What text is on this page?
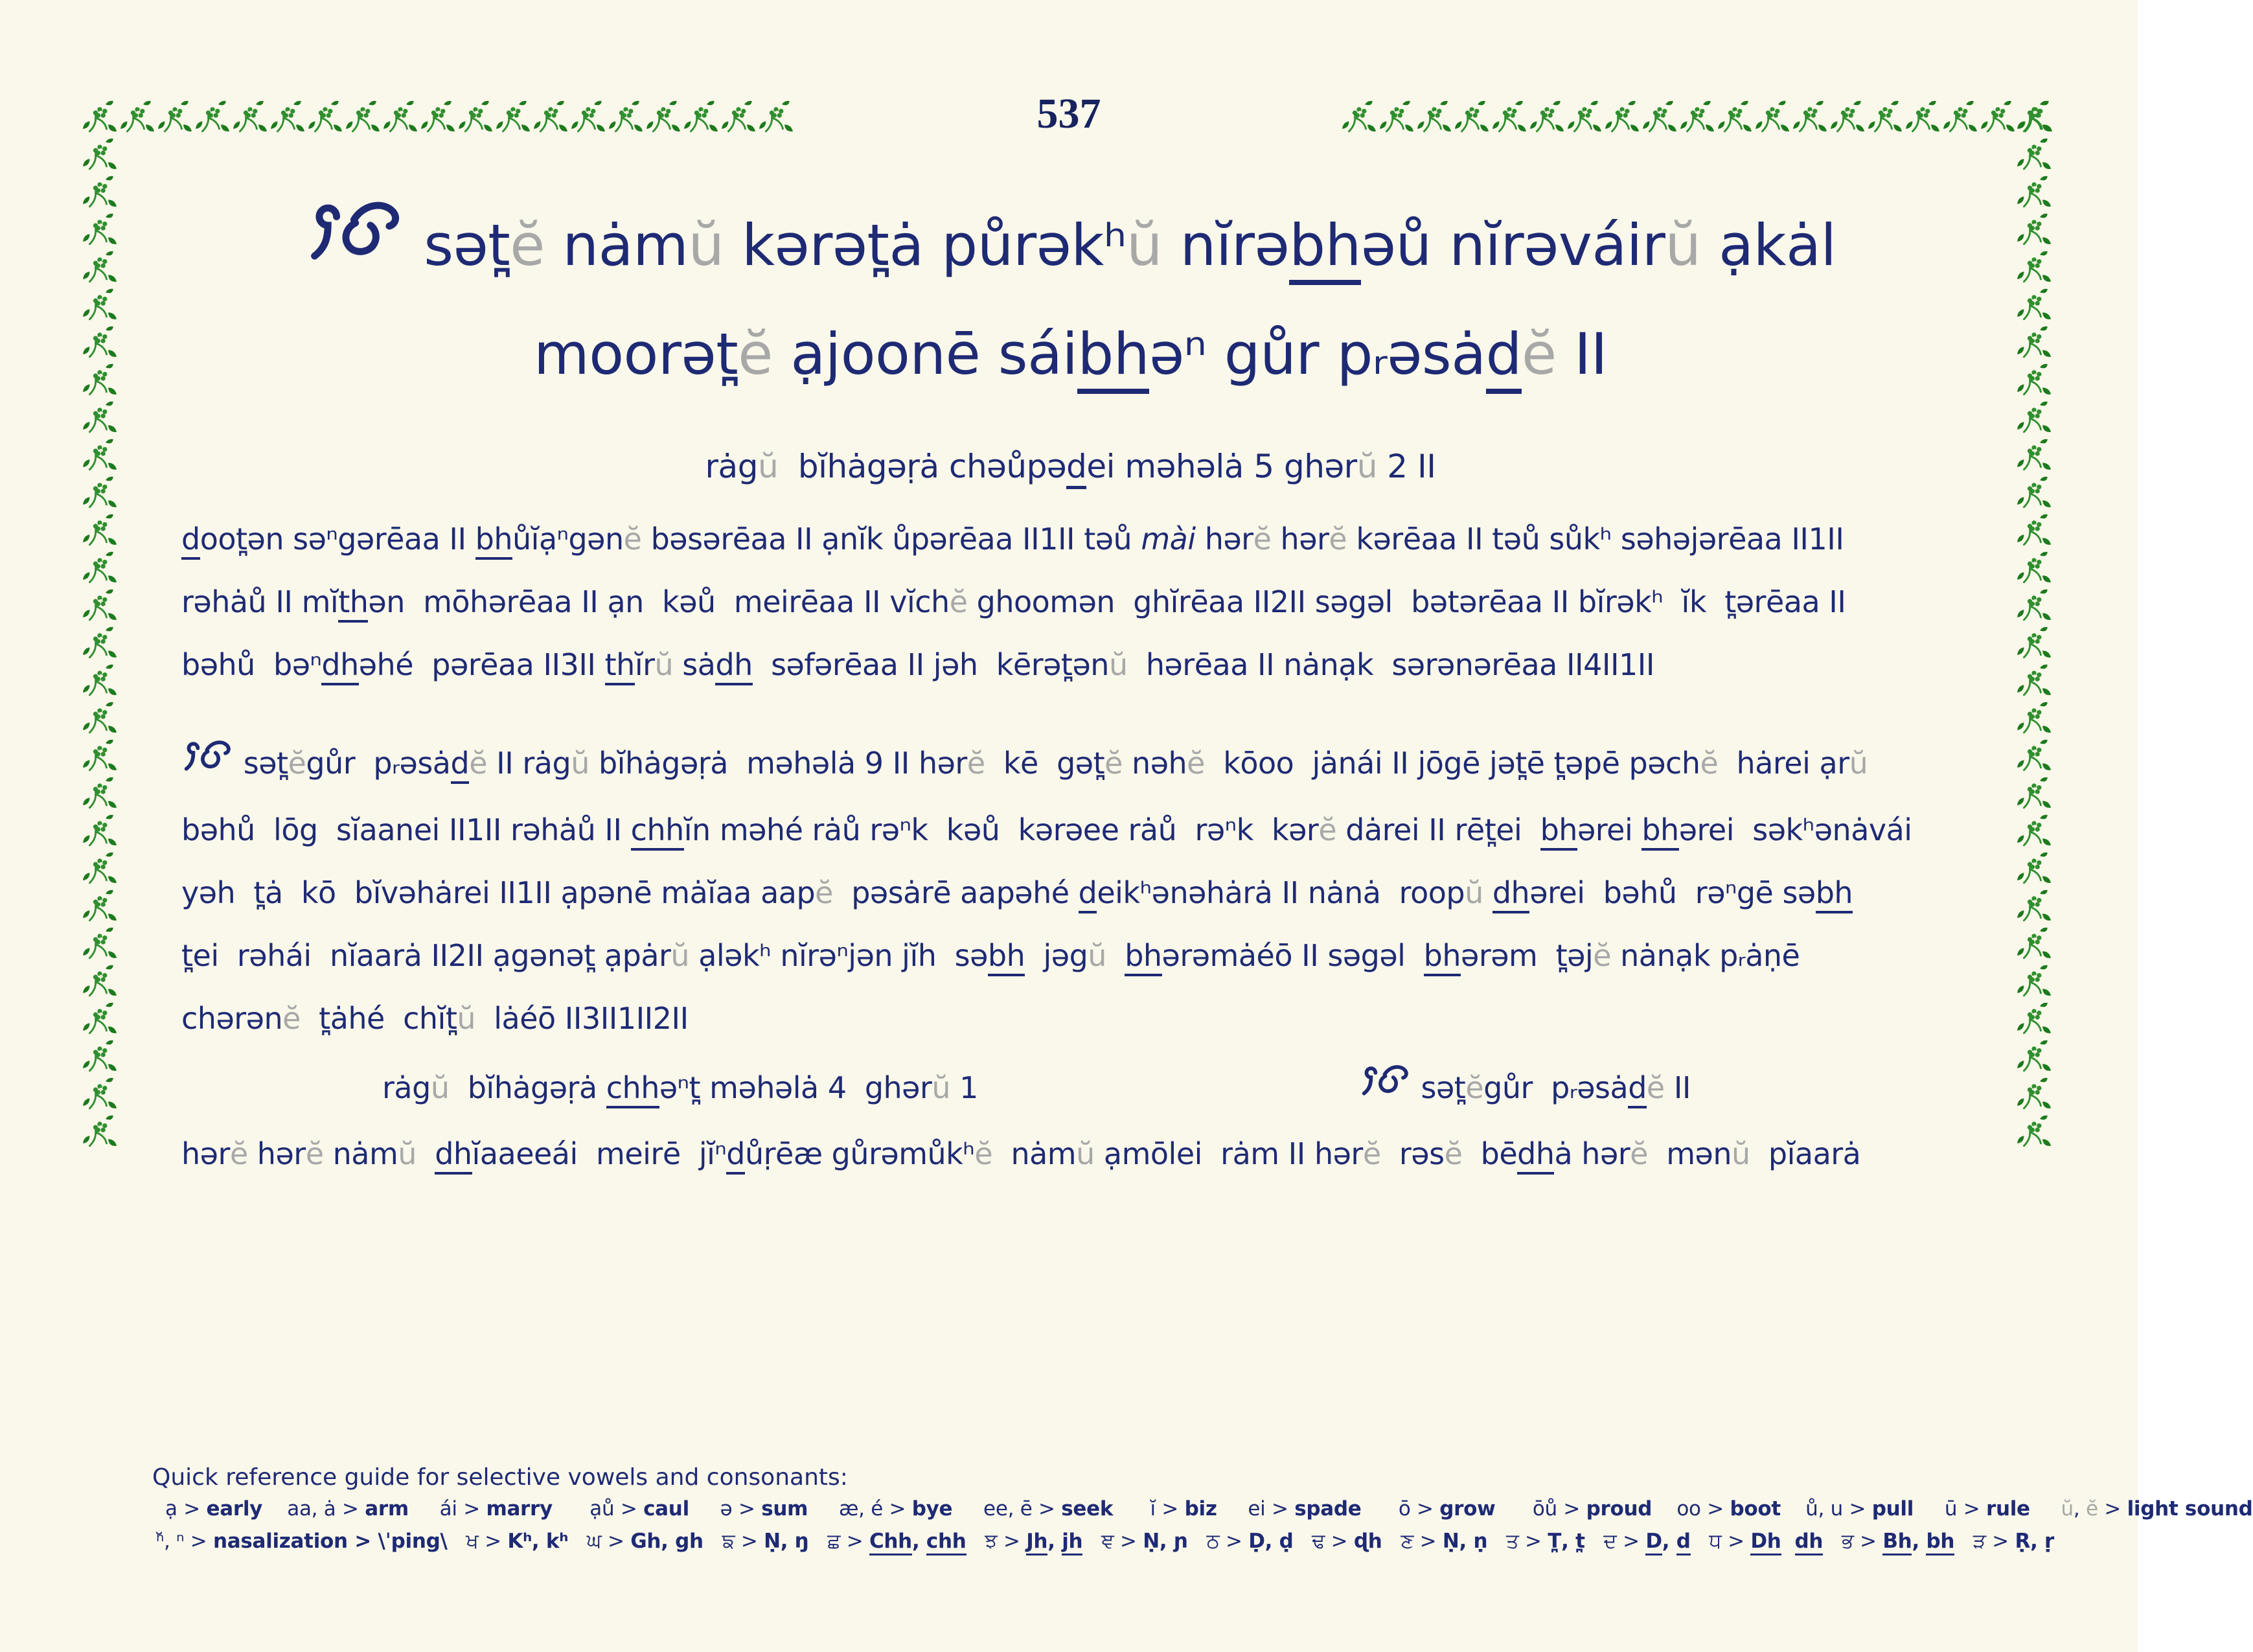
537
sət̪ĕ nȧmŭ kərət̪ȧ půrəkʰŭ nĭrəbhəů nĭrəváirŭ ạkȧl
moorət̪ĕ ạjoonē sáibhəⁿ gůr pᵣəsȧdĕ II
rȧgŭ  bĭhȧgəṛȧ chəůpədei məhəlȧ 5 ghərŭ 2 II
doot̪ən səⁿgərēaa II bhůĭạⁿgənĕ bəsərēaa II ạnĭk ůpərēaa II1II təů mài hərĕ hərĕ kərēaa II təů sůkʰ səhəjərēaa II1II
rəhȧů II mĭthən  mōhərēaa II ạn  kəů  meirēaa II vĭchĕ ghoomən  ghĭrēaa II2II səgəl  bətərēaa II bĭrəkʰ  ĭk  t̪ərēaa II
bəhů  bəⁿdhəhé  pərēaa II3II thĭrŭ sȧdh  səfərēaa II jəh  kērət̪ənŭ  hərēaa II nȧnạk  sərənərēaa II4II1II
sət̪ĕgůr  pᵣəsȧdĕ II rȧgŭ bĭhȧgəṛȧ  məhəlȧ 9 II hərĕ  kē  gət̪ĕ nəhĕ  kōoo  jȧnái II jōgē jət̪ē t̪əpē pəchĕ  hȧrei ạrŭ
bəhů  lōg  sĭaanei II1II rəhȧů II chhĭn məhé rȧů rəⁿk  kəů  kərəee rȧů  rəⁿk  kərĕ dȧrei II rēt̪ei  bhərei bhərei  səkʰənȧvái
yəh  t̪ȧ  kō  bĭvəhȧrei II1II ạpənē mȧĭaa aapĕ  pəsȧrē aapəhé deikʰənəhȧrȧ II nȧnȧ  roopŭ dhərei  bəhů  rəⁿgē səbh
t̪ei  rəhái  nĭaarȧ II2II ạgənət̪ ạpȧrŭ ạləkʰ nĭrəⁿjən jĭh  səbh  jəgŭ bhərəmȧéō II səgəl  bhərəm  t̪əjĕ nȧnạk pᵣȧṇē
chərənĕ  t̪ȧhé  chĭt̪ŭ  lȧéō II3II1II2II
rȧgŭ  bĭhȧgəṛȧ chhəⁿt̪ məhəlȧ 4  ghərŭ 1	sət̪ĕgůr  pᵣəsȧdĕ II
hərĕ hərĕ nȧmŭ dhĭaaeeái  meirē  jĭⁿdůṛēæ gůrəmůkʰĕ  nȧmŭ ạmōlei  rȧm II hərĕ  rəsĕ  bēdhȧ hərĕ  mənŭ  pĭaarȧ
Quick reference guide for selective vowels and consonants:
ạ > early    aa, ȧ > arm     ái > marry      ạů > caul     ə > sum     æ, é > bye     ee, ē > seek      ĭ > biz     ei > spade      ō > grow      ōů > proud    oo > boot    ů, u > pull     ū > rule ŭ, ĕ > light sound
ⁿ̆, ⁿ > nasalization > \ˈping\   ਖ > Kʰ, kʰ   ਘ > Gh, gh   ਙ > Ṇ, ŋ   ਛ > Chh, chh   ਝ > Jh, jh   ਞ > Ṇ, ɲ   ਠ > Ḍ, ḍ   ਢ > ɖh   ਣ > Ṇ, ṇ   ਤ > T̪, t̪   ਦ > D, d   ਧ > Dh dh   ਭ > Bh, bh   ੜ > Ṛ, ṛ
